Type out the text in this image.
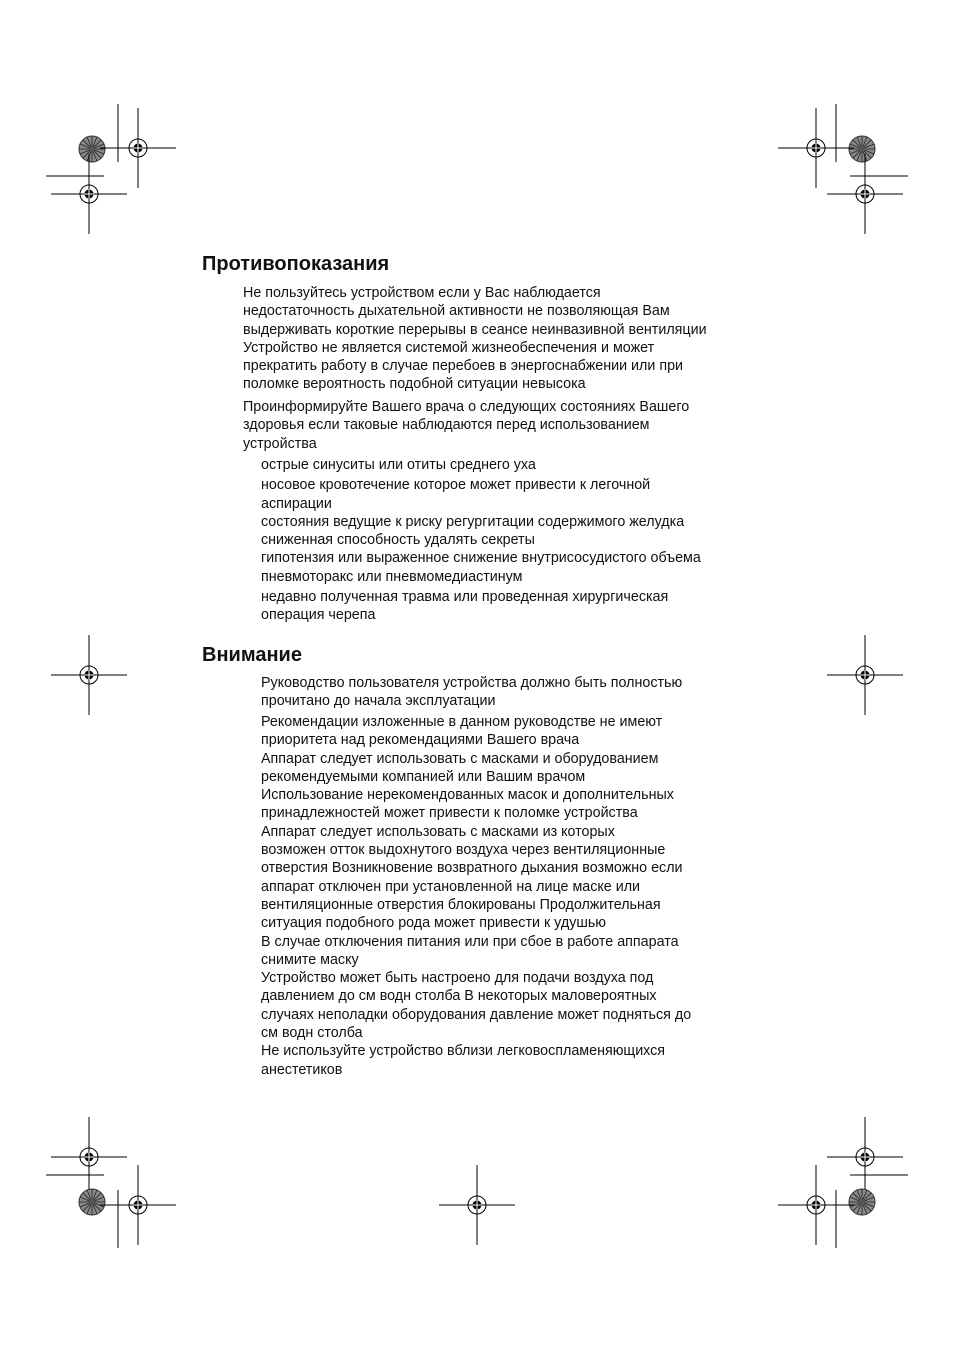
Противопоказания
Не пользуйтесь устройством если у Вас наблюдается
недостаточность дыхательной активности не позволяющая Вам
выдерживать короткие перерывы в сеансе неинвазивной вентиляции
Устройство не является системой жизнеобеспечения и может
прекратить работу в случае перебоев в энергоснабжении или при
поломке вероятность подобной ситуации невысока
Проинформируйте Вашего врача о следующих состояниях Вашего
здоровья если таковые наблюдаются перед использованием
устройства
острые синуситы или отиты среднего уха
носовое кровотечение которое может привести к легочной
аспирации
состояния ведущие к риску регургитации содержимого желудка
сниженная способность удалять секреты
гипотензия или выраженное снижение внутрисосудистого объема
пневмоторакс или пневмомедиастинум
недавно полученная травма или проведенная хирургическая
операция черепа
Внимание
Руководство пользователя устройства должно быть полностью
прочитано до начала эксплуатации
Рекомендации изложенные в данном руководстве не имеют
приоритета над рекомендациями Вашего врача
Аппарат следует использовать с масками и оборудованием
рекомендуемыми компанией или Вашим врачом
Использование нерекомендованных масок и дополнительных
принадлежностей может привести к поломке устройства
Аппарат следует использовать с масками из которых
возможен отток выдохнутого воздуха через вентиляционные
отверстия Возникновение возвратного дыхания возможно если
аппарат отключен при установленной на лице маске или
вентиляционные отверстия блокированы Продолжительная
ситуация подобного рода может привести к удушью
В случае отключения питания или при сбое в работе аппарата
снимите маску
Устройство может быть настроено для подачи воздуха под
давлением до см водн столба В некоторых маловероятных
случаях неполадки оборудования давление может подняться до
см водн столба
Не используйте устройство вблизи легковоспламеняющихся
анестетиков
